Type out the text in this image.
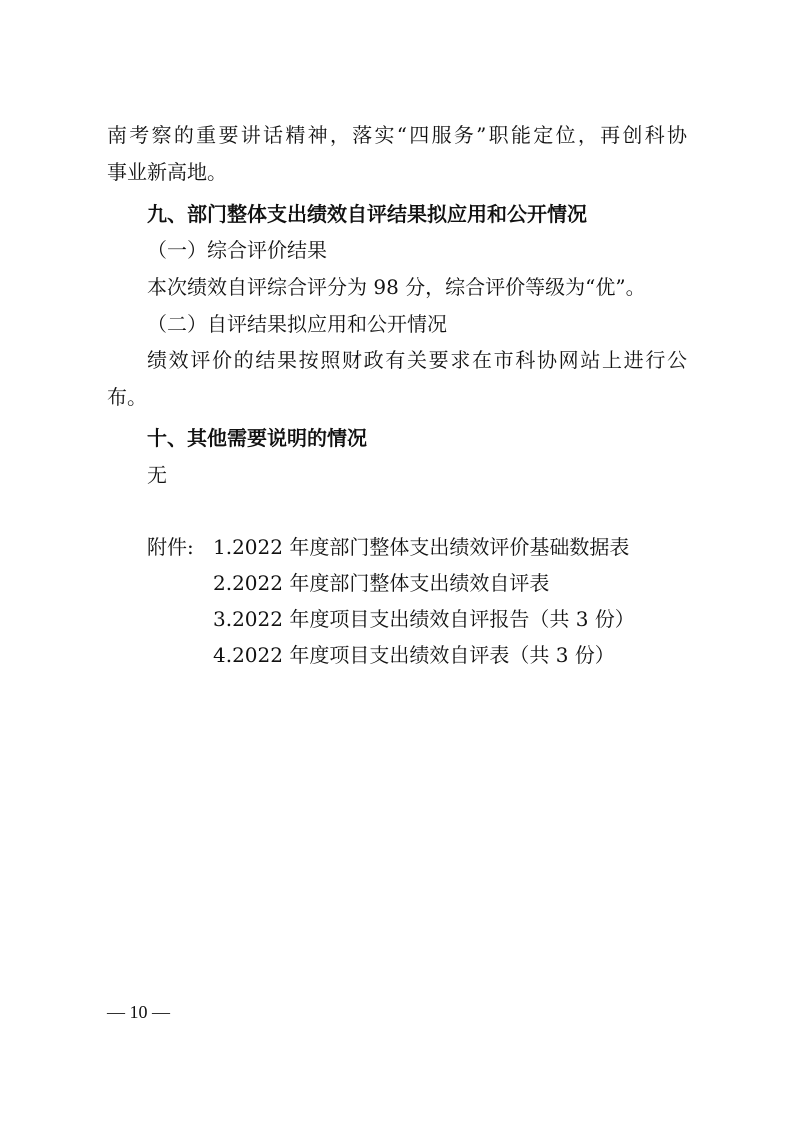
南考察的重要讲话精神，落实“四服务”职能定位，再创科协
事业新高地。
九、部门整体支出绩效自评结果拟应用和公开情况
（一）综合评价结果
本次绩效自评综合评分为 98 分，综合评价等级为“优”。
（二）自评结果拟应用和公开情况
绩效评价的结果按照财政有关要求在市科协网站上进行公
布。
十、其他需要说明的情况
无
附件: 1.2022 年度部门整体支出绩效评价基础数据表
2.2022 年度部门整体支出绩效自评表
3.2022 年度项目支出绩效自评报告（共 3 份）
4.2022 年度项目支出绩效自评表（共 3 份）
— 10 —
